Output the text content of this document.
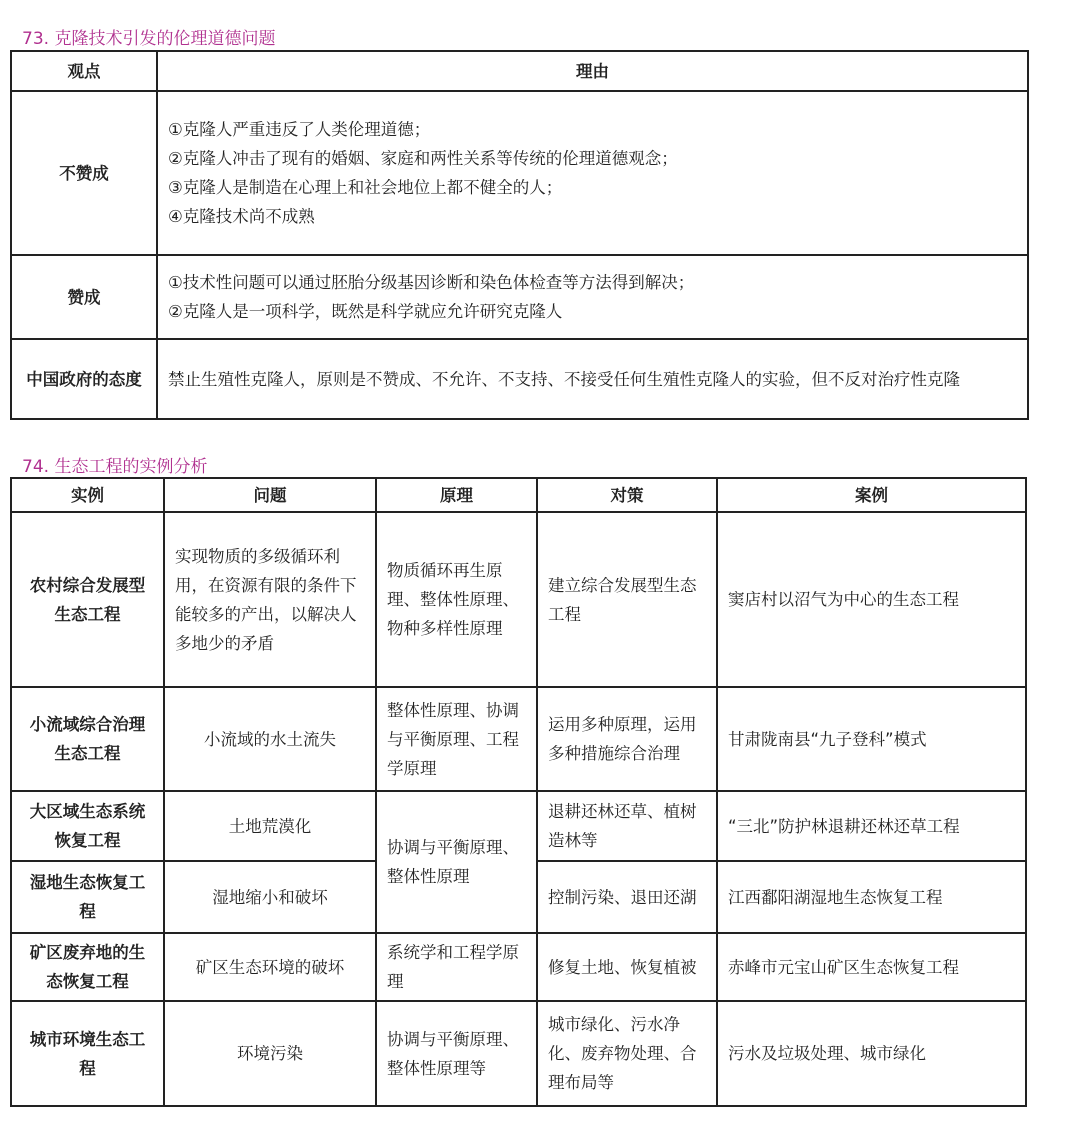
73. 克隆技术引发的伦理道德问题
观点	理由
不赞成	①克隆人严重违反了人类伦理道德；
②克隆人冲击了现有的婚姻、家庭和两性关系等传统的伦理道德观念；
③克隆人是制造在心理上和社会地位上都不健全的人；
④克隆技术尚不成熟

赞成	①技术性问题可以通过胚胎分级基因诊断和染色体检查等方法得到解决；
②克隆人是一项科学，既然是科学就应允许研究克隆人

中国政府的态度	禁止生殖性克隆人，原则是不赞成、不允许、不支持、不接受任何生殖性克隆人的实验，但不反对治疗性克隆
74. 生态工程的实例分析
实例	问题	原理	对策	案例
农村综合发展型生态工程	实现物质的多级循环利用，在资源有限的条件下能较多的产出，以解决人多地少的矛盾	物质循环再生原理、整体性原理、物种多样性原理	建立综合发展型生态工程	窦店村以沼气为中心的生态工程
小流域综合治理生态工程	小流域的水土流失	整体性原理、协调与平衡原理、工程学原理	运用多种原理，运用多种措施综合治理	甘肃陇南县“九子登科”模式
大区域生态系统恢复工程	土地荒漠化	协调与平衡原理、整体性原理	退耕还林还草、植树造林等	“三北”防护林退耕还林还草工程
湿地生态恢复工程	湿地缩小和破坏		控制污染、退田还湖	江西鄱阳湖湿地生态恢复工程
矿区废弃地的生态恢复工程	矿区生态环境的破坏	系统学和工程学原理	修复土地、恢复植被	赤峰市元宝山矿区生态恢复工程
城市环境生态工程	环境污染	协调与平衡原理、整体性原理等	城市绿化、污水净化、废弃物处理、合理布局等	污水及垃圾处理、城市绿化
